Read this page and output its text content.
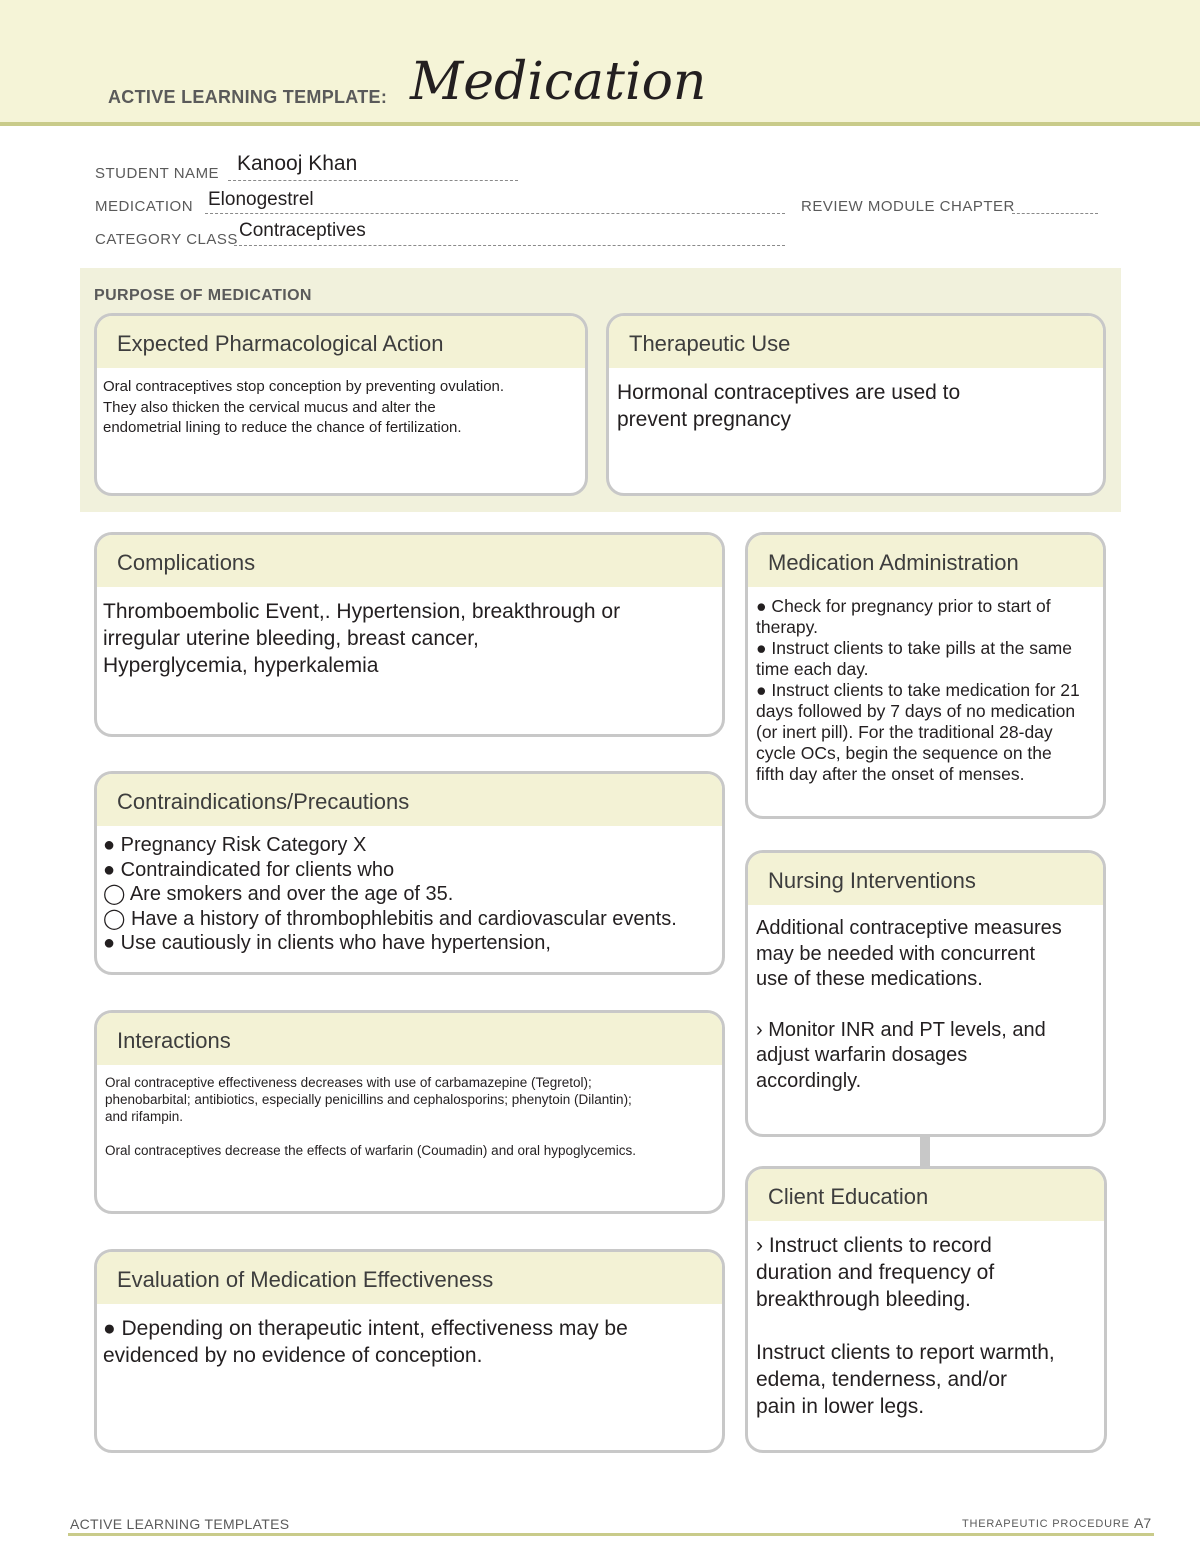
ACTIVE LEARNING TEMPLATE: Medication
STUDENT NAME Kanooj Khan
MEDICATION Elonogestrel	REVIEW MODULE CHAPTER
CATEGORY CLASS Contraceptives
PURPOSE OF MEDICATION
Expected Pharmacological Action
Oral contraceptives stop conception by preventing ovulation.
They also thicken the cervical mucus and alter the
endometrial lining to reduce the chance of fertilization.
Therapeutic Use
Hormonal contraceptives are used to
prevent pregnancy
Complications
Thromboembolic Event,. Hypertension, breakthrough or
irregular uterine bleeding, breast cancer,
Hyperglycemia, hyperkalemia
Contraindications/Precautions
● Pregnancy Risk Category X
● Contraindicated for clients who
◯ Are smokers and over the age of 35.
◯ Have a history of thrombophlebitis and cardiovascular events.
● Use cautiously in clients who have hypertension,
Interactions
Oral contraceptive effectiveness decreases with use of carbamazepine (Tegretol);
phenobarbital; antibiotics, especially penicillins and cephalosporins; phenytoin (Dilantin);
and rifampin.
Oral contraceptives decrease the effects of warfarin (Coumadin) and oral hypoglycemics.
Evaluation of Medication Effectiveness
● Depending on therapeutic intent, effectiveness may be
evidenced by no evidence of conception.
Medication Administration
● Check for pregnancy prior to start of
therapy.
● Instruct clients to take pills at the same
time each day.
● Instruct clients to take medication for 21
days followed by 7 days of no medication
(or inert pill). For the traditional 28-day
cycle OCs, begin the sequence on the
fifth day after the onset of menses.
Nursing Interventions
Additional contraceptive measures
may be needed with concurrent
use of these medications.
› Monitor INR and PT levels, and
adjust warfarin dosages
accordingly.
Client Education
› Instruct clients to record
duration and frequency of
breakthrough bleeding.
Instruct clients to report warmth,
edema, tenderness, and/or
pain in lower legs.
ACTIVE LEARNING TEMPLATES	THERAPEUTIC PROCEDURE A7
